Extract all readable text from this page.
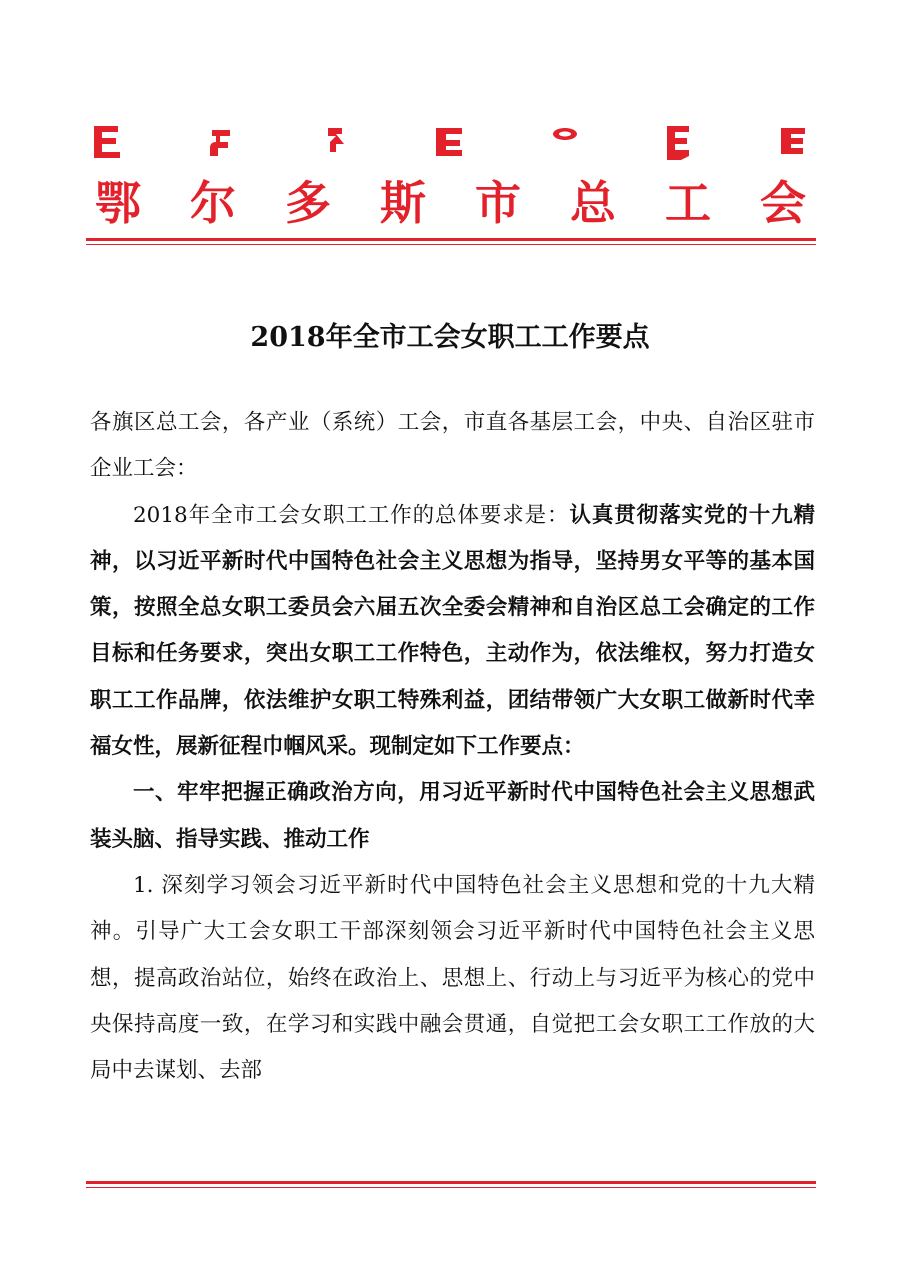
鄂 尔 多 斯 市 总 工 会
2018年全市工会女职工工作要点

各旗区总工会，各产业（系统）工会，市直各基层工会，中央、自治区驻市企业工会：

2018年全市工会女职工工作的总体要求是：认真贯彻落实党的十九精神，以习近平新时代中国特色社会主义思想为指导，坚持男女平等的基本国策，按照全总女职工委员会六届五次全委会精神和自治区总工会确定的工作目标和任务要求，突出女职工工作特色，主动作为，依法维权，努力打造女职工工作品牌，依法维护女职工特殊利益，团结带领广大女职工做新时代幸福女性，展新征程巾帼风采。现制定如下工作要点：

一、牢牢把握正确政治方向，用习近平新时代中国特色社会主义思想武装头脑、指导实践、推动工作

1. 深刻学习领会习近平新时代中国特色社会主义思想和党的十九大精神。引导广大工会女职工干部深刻领会习近平新时代中国特色社会主义思想，提高政治站位，始终在政治上、思想上、行动上与习近平为核心的党中央保持高度一致，在学习和实践中融会贯通，自觉把工会女职工工作放的大局中去谋划、去部
